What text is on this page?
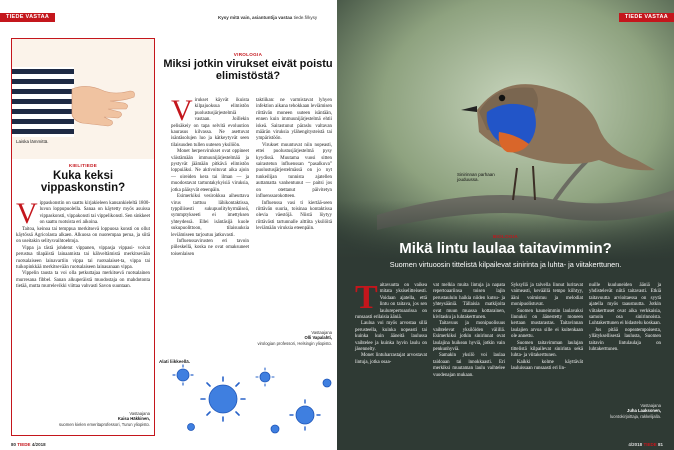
TIEDE VASTAA	Kysy mitä vain, asiantuntija vastaa tiede.fi/kysy
Laiska lämmittä.
KIELITIEDE
Kuka keksi vippaskonstin?
V ippaskonstin on saattu kirjakieleen kansankieleltä 1800-luvun loppupuolella. Sanaa on käytetty myös asuissa vippaskonsti, vippakonsti tai vippelikonsti. Sen sinkkeet on saattu ruotsista eri aikoina.

Taitoa, keinoa tai temppua merkitsevä loppuosa konsti on ollut käytössä Agricolasta alkaen. Alkuosa on nuorempaa perua, ja siitä on useitakin selitysvaihtoehtoja.

Vippa ja tästä johdetut vippanen, vippasja vippasi- voivat perustua tilapäistä lainaamista tai kähveltämistä merkitsevään ruotsalaiseen lainavartiin vippa tai ruotsalaiset-ta, vippa tai tuikopinkkää merkitsevään ruotsalaiseen lainasanaan vippa.

Vippelin tausta ta voi olla petkuttajaa merkitsevä ruotsalainen murresana fibbel. Sanan alkuperäistä muodostaja on mahdotonta tietää, mutta murrelevikki viittaa vahvasti Savon suuntaan.

Vastaajana
Kaisa Häkkinen,
suomen kielen emeritaprofessori, Turun yliopisto.
VIROLOGIA
Miksi jotkin virukset eivät poistu elimistöstä?
V irukset käyvät ikuista kilpajuoksua elimistön puolustusjärjestelmiä vastaan. Joillekin pelisäkeiy on tapa selvitä evoluution kaurasus kilvassa. Ne asettuvat isäntäsolujen luo ja kätkeytyvät seen tilaisuuden tullen uutesen yksilöön.

Monet herpesvirukset ovat oppineet väistämään immuunijärjestelmää ja pystyvät jäämään pitkävä elimistön loppuiäksi. Ne aktivoituvat aika ajoin — oireiden kera tai ilman — ja muodostavat tartuntakykyisiä viruksia, jotka pääsyvät eteenpäin.

Esimerkiksi vesirokkoa aiheuttava virus tarttuu lähikontaktissa, typpiliisesti sukupuolityhyrmäiseä, symmptykseeti ei imettyksen yhteydessä. Ellei isäntäsijä kuole sukupuolittoon, tilaisuuksia leviämiseen tarjoutuu jatkuvasti.

Influenssavirusten eri tavoin piileskellä, koska ne ovat omaksuneet toisenlaisen

taktiikan: ne varmistavat lyhyen infektion aikana tehokkaan leviämisen riittävän moneen uuteen isäntään, ennen kuin immuunijärjestelmä ehtii iskeä. Sairastunut päraslu valtavan määrän viruksia ylähengitysteistä tai ympäristöön.

Virukset muuntuvat niin nopeasti, ettei puolustusjärjestelmä pysy kyydissä. Muutama vuosi sitten sairastetun influenssan “pasalkuva” puolustusjärjestelmässä on jo nyt tunkeilijan tunnista ajatellen auttamatta vanhentunut — paitsi jos on otettanut päivitetyn influenssarokotteen.

Influenssa vasi ti kiertää-seen riittävän suuria, toisinaa kontaktissa olevia väestöjä. Niistä löytyy riittävästi tartunnalle alttiita yksilöitä leviämään viruksia eteenpäin.

Vastaajana
Olli Vapalahti,
virologian professori, Helsingin yliopisto.
Alati liikkeellä.
80 TIEDE 4/2018
TIEDE VASTAA
Sinirinnan parhaan
jouduussa.
BIOLOGIA
Mikä lintu laulaa taitavimmin?
Suomen virtuoosin tittelistä kilpailevat sinirinta ja luhta- ja viitakerttunen.
T aitavuutta on vaikea mitata yksiselitteisesti. Voidaan ajatella, että lintu on taitava, jos sen laulurepertoaarissa on runsaasti erilaisia ääniä.

Laulua voi myös arvostaa sillä perusteella, kuinka nopeasti tai kuinka kuin ääneitä laulussa vaihtelee ja kuinka hyvin laulu on jäsennelty.

Monet lintuharrastajat arvostavat lintuja, jotka osaa-

vat melkia muita lintuja ja napata repertoaariinsa toisen lajin perustauluin haikia niiden kutsu- ja yhteysääniä. Tällaisia matkijoita ovat muun muassa kottarainen, kivitasku ja luhtakerttunen.

Taitavuus ja monipuolisuus vaihtelevat yksilöiden välillä. Esimerkiksi jotkin sinirinnat ovat laulajina huikean hyviä, jotkin vain penkunhyviä.

Samakin yksilö voi laulaa taidoaan tai innokkaasti. Eri merkiksi muutaman laulu vaihtelee vuodenajan mukaan.

Syksyllä ja talvella linnut luritavat vaimeasti, keväällä tempo kiihtyy, ääni voimistuu ja melodiat monipuolistuvat.

Suomen kauneimmin laulavaksi linnuksi on äänestetty moneen kertaan mustarastas. Taitavinnan laulajien arvoa sille ei kuitenkaan ole annettu.

Suomen taitavimman laulajan tittelistä kilpailevat sinirinta sekä luhta- ja viitakerttunen.

Kaikki kolme käyttävät lauluissaan runsaasti eri lin-

nuille kuuluneiden ääniä ja yhdistelevät niitä taitavasti. Etkiä taitavuutta arvioitaessa on syytä ajatella myös taaustuutta. Jotkin viitakerttuset ovat aika verkkaisia, samoin osa sinirinnoista. Luhtakerttunen ei hidastelu koskaan.

Jos pitää nopeatempoisesta, yllätyksellisestä laulusta, Suomen taitavin lintulaulaja on luhtakerttunen.

Vastaajana
Juha Laaksonen,
luontokirjoittaja, rakkelijalla.
4/2018 TIEDE 81
